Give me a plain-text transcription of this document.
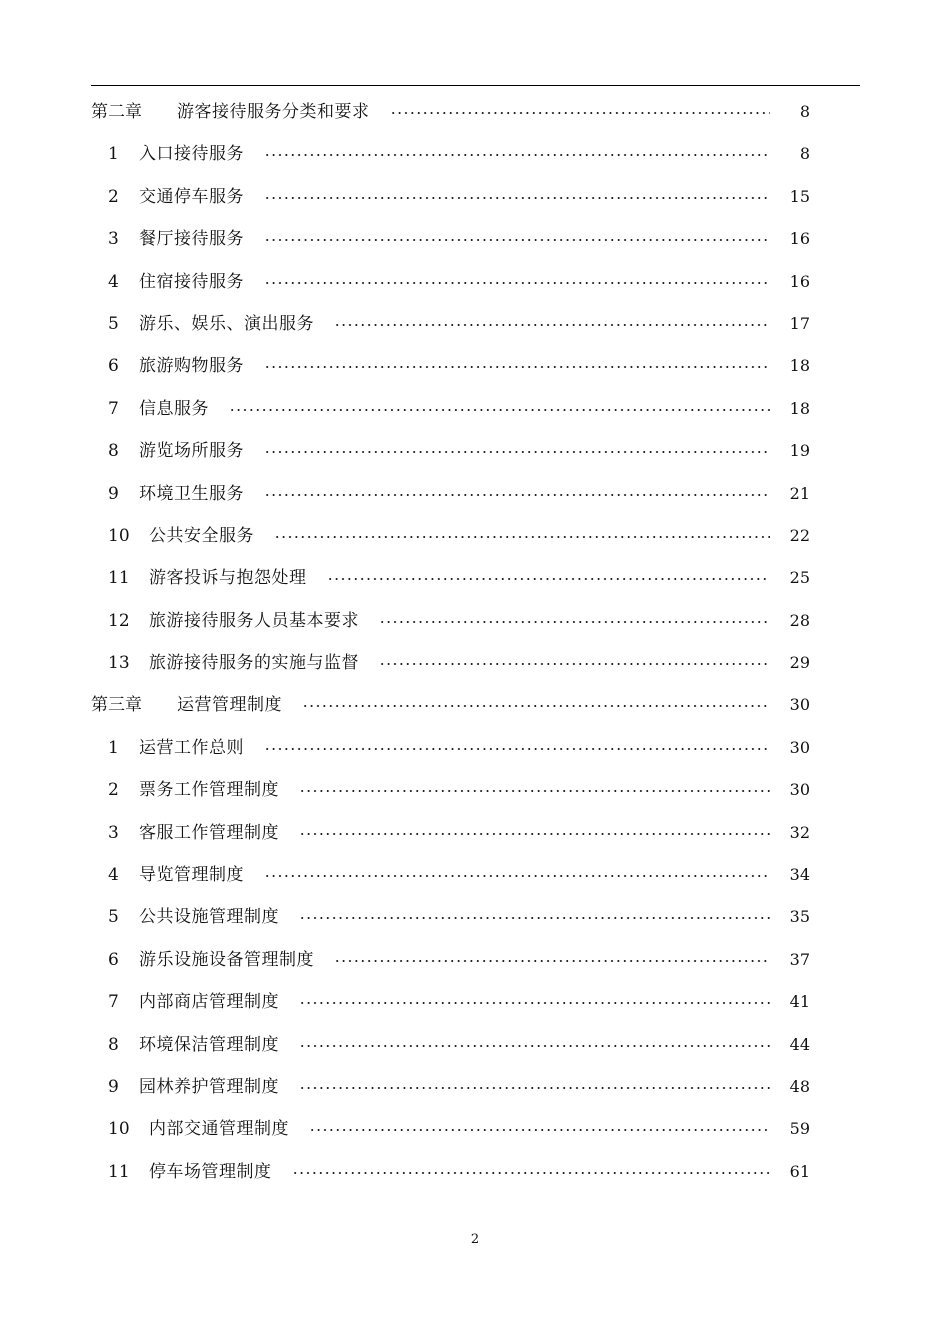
第二章 游客接待服务分类和要求	8
1 入口接待服务	8
2 交通停车服务	15
3 餐厅接待服务	16
4 住宿接待服务	16
5 游乐、娱乐、演出服务	17
6 旅游购物服务	18
7 信息服务	18
8 游览场所服务	19
9 环境卫生服务	21
10 公共安全服务	22
11 游客投诉与抱怨处理	25
12 旅游接待服务人员基本要求	28
13 旅游接待服务的实施与监督	29
第三章 运营管理制度	30
1 运营工作总则	30
2 票务工作管理制度	30
3 客服工作管理制度	32
4 导览管理制度	34
5 公共设施管理制度	35
6 游乐设施设备管理制度	37
7 内部商店管理制度	41
8 环境保洁管理制度	44
9 园林养护管理制度	48
10 内部交通管理制度	59
11 停车场管理制度	61
2
